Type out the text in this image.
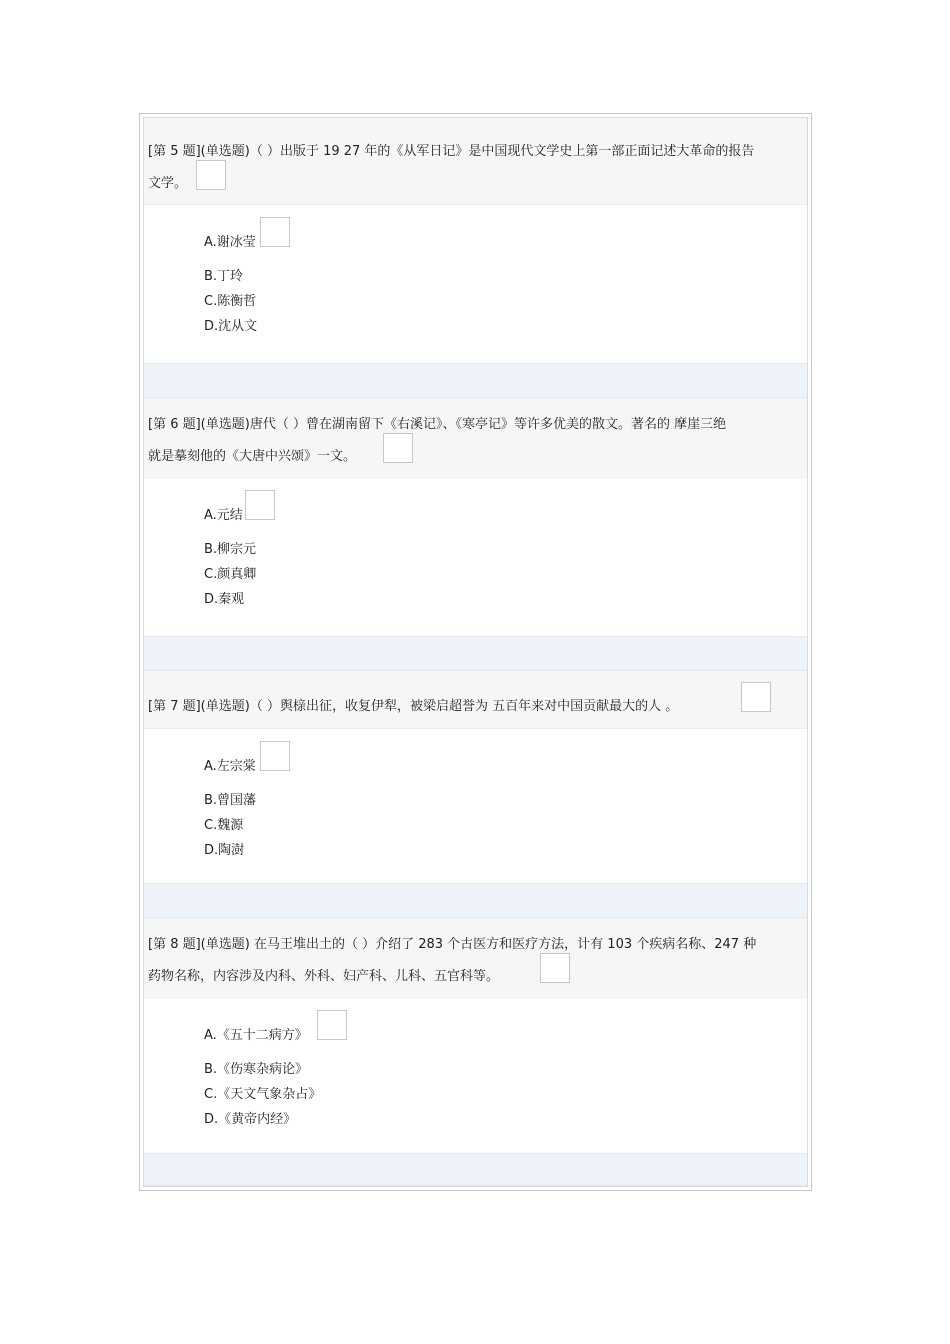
[第 5 题](单选题)（ ）出版于 19 27 年的《从军日记》是中国现代文学史上第一部正面记述大革命的报告
文学。
A.谢冰莹
B.丁玲
C.陈衡哲
D.沈从文
[第 6 题](单选题)唐代（ ）曾在湖南留下《右溪记》、《寒亭记》等许多优美的散文。著名的 摩崖三绝
就是摹刻他的《大唐中兴颂》一文。
A.元结
B.柳宗元
C.颜真卿
D.秦观
[第 7 题](单选题)（ ）舆榇出征，收复伊犁，被梁启超誉为 五百年来对中国贡献最大的人 。
A.左宗棠
B.曾国藩
C.魏源
D.陶澍
[第 8 题](单选题) 在马王堆出土的（ ）介绍了 283 个古医方和医疗方法，计有 103 个疾病名称、247 种
药物名称，内容涉及内科、外科、妇产科、儿科、五官科等。
A.《五十二病方》
B.《伤寒杂病论》
C.《天文气象杂占》
D.《黄帝内经》
